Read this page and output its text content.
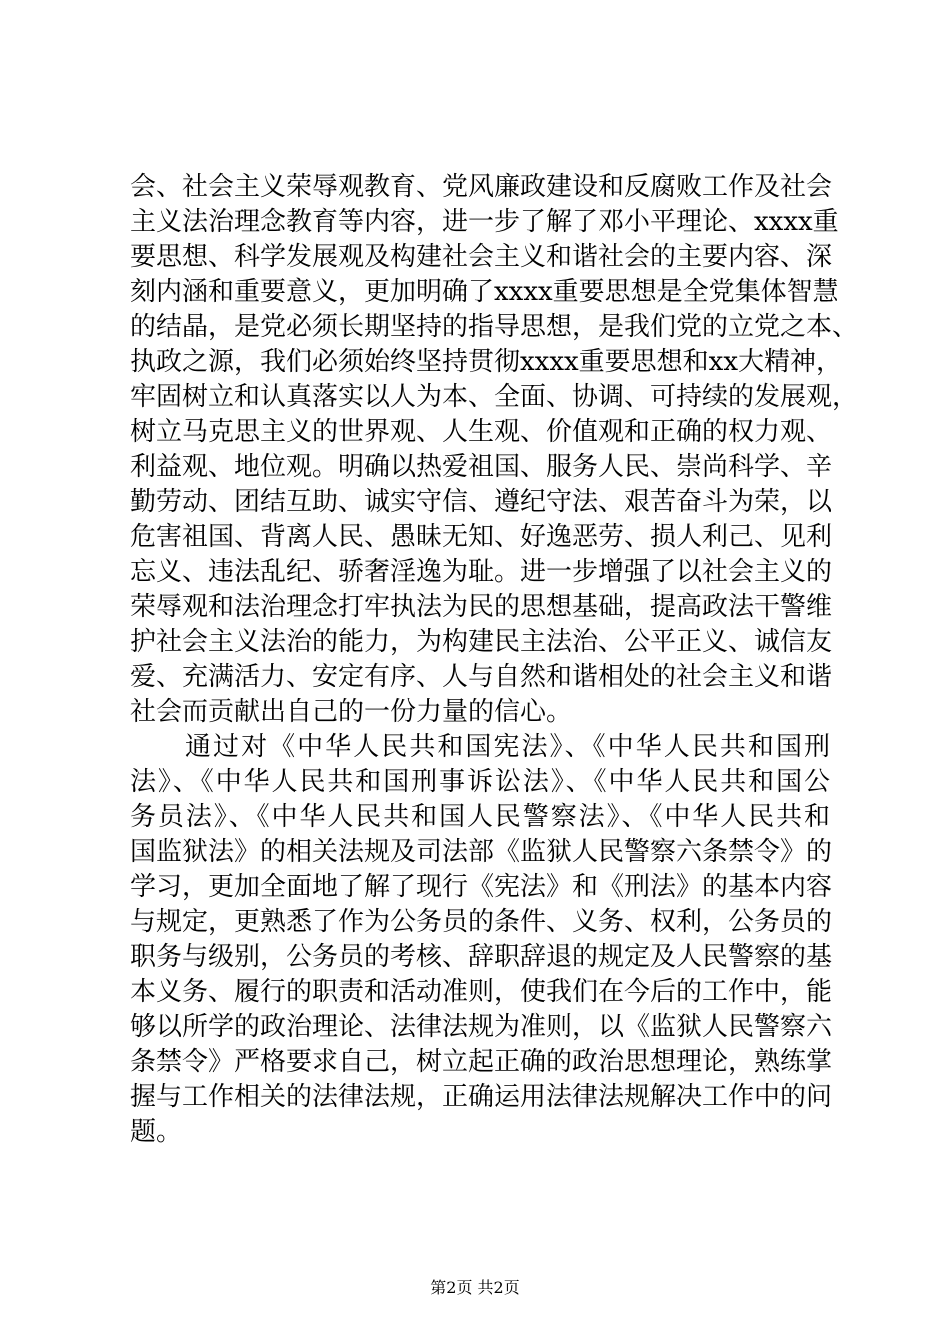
会、社会主义荣辱观教育、党风廉政建设和反腐败工作及社会
主义法治理念教育等内容，进一步了解了邓小平理论、xxxx重
要思想、科学发展观及构建社会主义和谐社会的主要内容、深
刻内涵和重要意义，更加明确了xxxx重要思想是全党集体智慧
的结晶，是党必须长期坚持的指导思想，是我们党的立党之本、
执政之源，我们必须始终坚持贯彻xxxx重要思想和xx大精神，
牢固树立和认真落实以人为本、全面、协调、可持续的发展观，
树立马克思主义的世界观、人生观、价值观和正确的权力观、
利益观、地位观。明确以热爱祖国、服务人民、崇尚科学、辛
勤劳动、团结互助、诚实守信、遵纪守法、艰苦奋斗为荣，以
危害祖国、背离人民、愚昧无知、好逸恶劳、损人利己、见利
忘义、违法乱纪、骄奢淫逸为耻。进一步增强了以社会主义的
荣辱观和法治理念打牢执法为民的思想基础，提高政法干警维
护社会主义法治的能力，为构建民主法治、公平正义、诚信友
爱、充满活力、安定有序、人与自然和谐相处的社会主义和谐
社会而贡献出自己的一份力量的信心。
通过对《中华人民共和国宪法》、《中华人民共和国刑
法》、《中华人民共和国刑事诉讼法》、《中华人民共和国公
务员法》、《中华人民共和国人民警察法》、《中华人民共和
国监狱法》的相关法规及司法部《监狱人民警察六条禁令》的
学习，更加全面地了解了现行《宪法》和《刑法》的基本内容
与规定，更熟悉了作为公务员的条件、义务、权利，公务员的
职务与级别，公务员的考核、辞职辞退的规定及人民警察的基
本义务、履行的职责和活动准则，使我们在今后的工作中，能
够以所学的政治理论、法律法规为准则，以《监狱人民警察六
条禁令》严格要求自己，树立起正确的政治思想理论，熟练掌
握与工作相关的法律法规，正确运用法律法规解决工作中的问
题。
第2页 共2页
